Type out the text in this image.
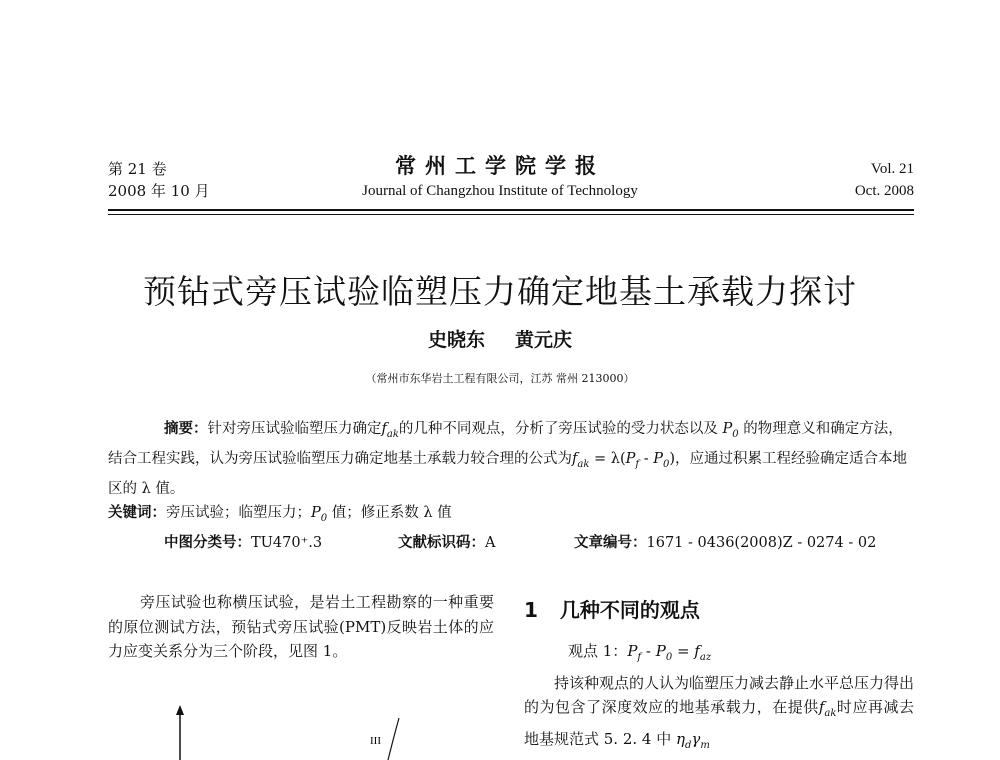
第 21 卷
2008 年 10 月
常州工学院学报
Journal of Changzhou Institute of Technology
Vol. 21
Oct. 2008
预钻式旁压试验临塑压力确定地基土承载力探讨
史晓东 黄元庆
（常州市东华岩土工程有限公司，江苏 常州 213000）

摘要：针对旁压试验临塑压力确定$f_{ak}$的几种不同观点，分析了旁压试验的受力状态以及 $P_0$ 的物理意义和确定方法，结合工程实践，认为旁压试验临塑压力确定地基土承载力较合理的公式为$f_{ak} = \lambda(P_f - P_0)$，应通过积累工程经验确定适合本地区的 λ 值。

关键词：旁压试验；临塑压力；$P_0$ 值；修正系数 λ 值

中图分类号：TU470⁺.3	文献标识码：A	文章编号：1671 - 0436(2008)Z - 0274 - 02

旁压试验也称横压试验，是岩土工程勘察的一种重要的原位测试方法，预钻式旁压试验(PMT)反映岩土体的应力应变关系分为三个阶段，见图 1。

III
1 几种不同的观点

观点 1：$P_f - P_0 = f_{az}$

持该种观点的人认为临塑压力减去静止水平总压力得出的为包含了深度效应的地基承载力，在提供$f_{ak}$时应再减去地基规范式 5. 2. 4 中 $\eta_d\gamma_m$
